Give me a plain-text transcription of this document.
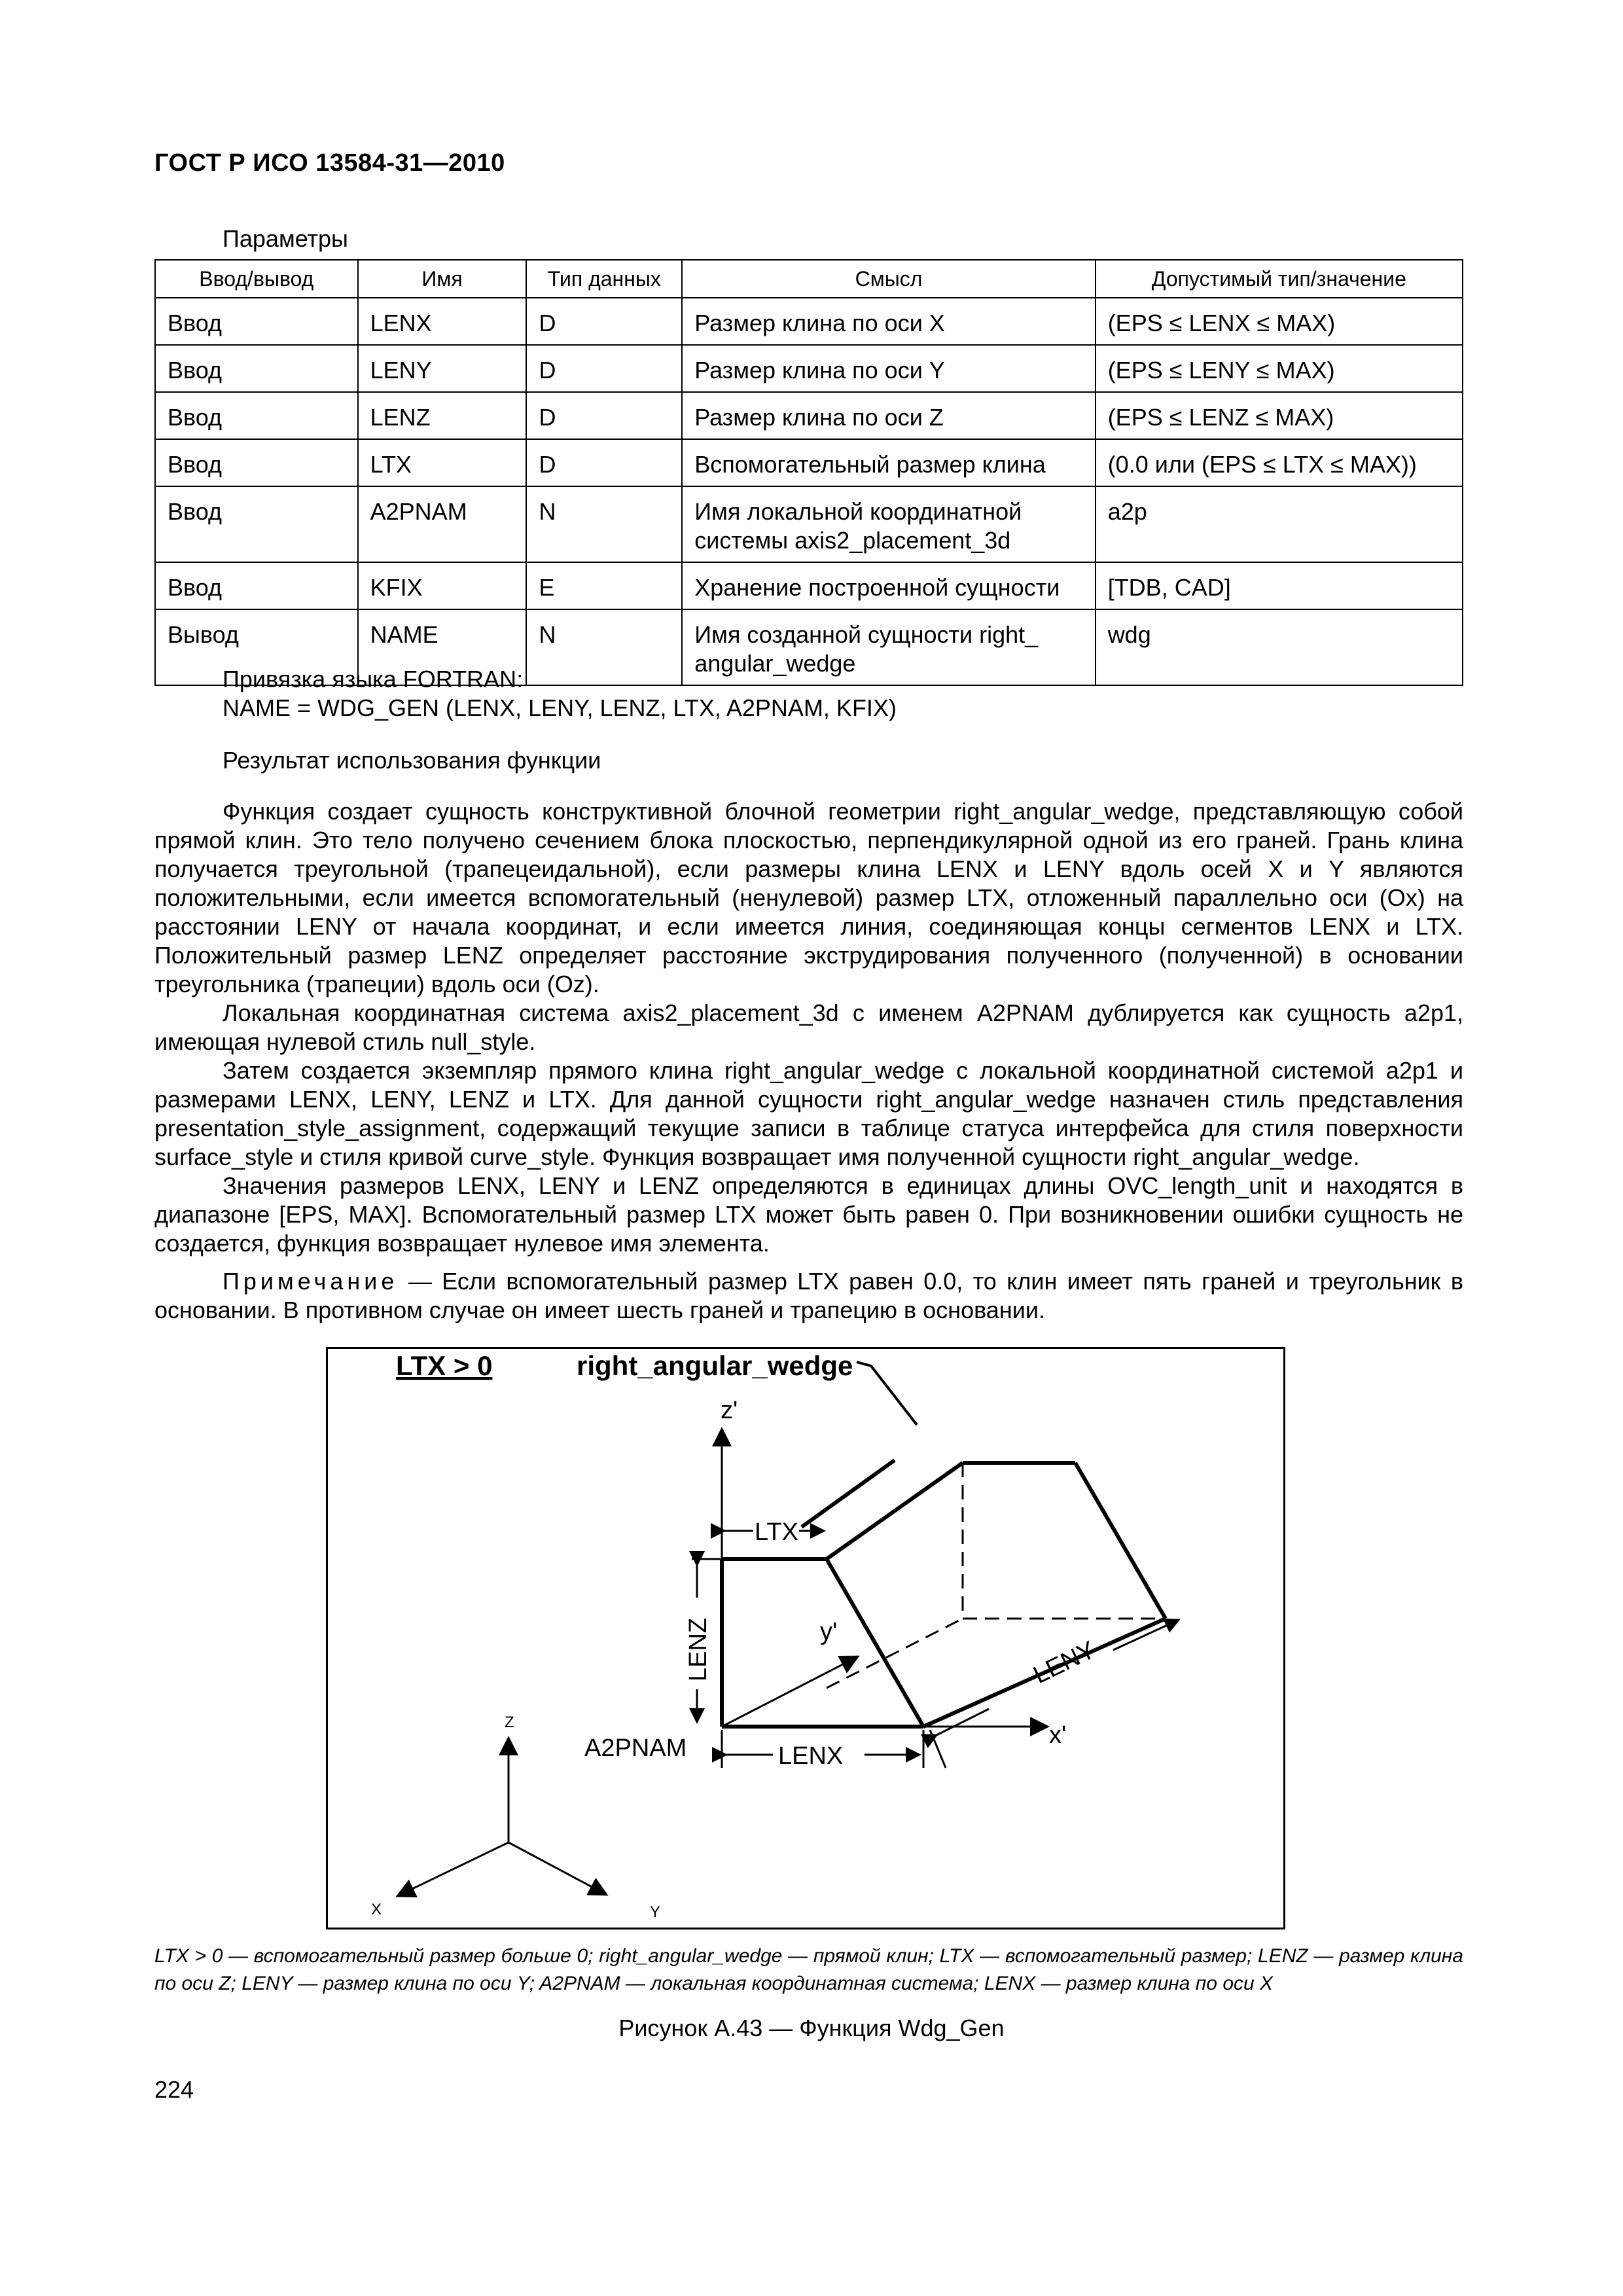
ГОСТ Р ИСО 13584-31—2010
Параметры
Ввод/вывод	Имя	Тип данных	Смысл	Допустимый тип/значение
Ввод	LENX	D	Размер клина по оси X	(EPS ≤ LENX ≤ MAX)
Ввод	LENY	D	Размер клина по оси Y	(EPS ≤ LENY ≤ MAX)
Ввод	LENZ	D	Размер клина по оси Z	(EPS ≤ LENZ ≤ MAX)
Ввод	LTX	D	Вспомогательный размер клина	(0.0 или (EPS ≤ LTX ≤ MAX))
Ввод	A2PNAM	N	Имя локальной координатной системы axis2_placement_3d	a2p
Ввод	KFIX	E	Хранение построенной сущности	[TDB, CAD]
Вывод	NAME	N	Имя созданной сущности right_ angular_wedge	wdg
Привязка языка FORTRAN:
NAME = WDG_GEN (LENX, LENY, LENZ, LTX, A2PNAM, KFIX)
Результат использования функции

Функция создает сущность конструктивной блочной геометрии right_angular_wedge, представляющую собой прямой клин. Это тело получено сечением блока плоскостью, перпендикулярной одной из его граней. Грань клина получается треугольной (трапецеидальной), если размеры клина LENX и LENY вдоль осей X и Y являются положительными, если имеется вспомогательный (ненулевой) размер LTX, отложенный параллельно оси (Ox) на расстоянии LENY от начала координат, и если имеется линия, соединяющая концы сегментов LENX и LTX. Положительный размер LENZ определяет расстояние экструдирования полученного (полученной) в основании треугольника (трапеции) вдоль оси (Oz).

Локальная координатная система axis2_placement_3d с именем A2PNAM дублируется как сущность a2p1, имеющая нулевой стиль null_style.

Затем создается экземпляр прямого клина right_angular_wedge с локальной координатной системой a2p1 и размерами LENX, LENY, LENZ и LTX. Для данной сущности right_angular_wedge назначен стиль представления presentation_style_assignment, содержащий текущие записи в таблице статуса интерфейса для стиля поверхности surface_style и стиля кривой curve_style. Функция возвращает имя полученной сущности right_angular_wedge.

Значения размеров LENX, LENY и LENZ определяются в единицах длины OVC_length_unit и находятся в диапазоне [EPS, MAX]. Вспомогательный размер LTX может быть равен 0. При возникновении ошибки сущность не создается, функция возвращает нулевое имя элемента.

Примечание — Если вспомогательный размер LTX равен 0.0, то клин имеет пять граней и треугольник в основании. В противном случае он имеет шесть граней и трапецию в основании.
LTX > 0	right_angular_wedge
z'
y'
x'
LTX
LENZ
LENX
LENY
A2PNAM
Z
X	Y
LTX > 0 — вспомогательный размер больше 0; right_angular_wedge — прямой клин; LTX — вспомогательный размер; LENZ — размер клина по оси Z; LENY — размер клина по оси Y; A2PNAM — локальная координатная система; LENX — размер клина по оси X
Рисунок A.43 — Функция Wdg_Gen
224
